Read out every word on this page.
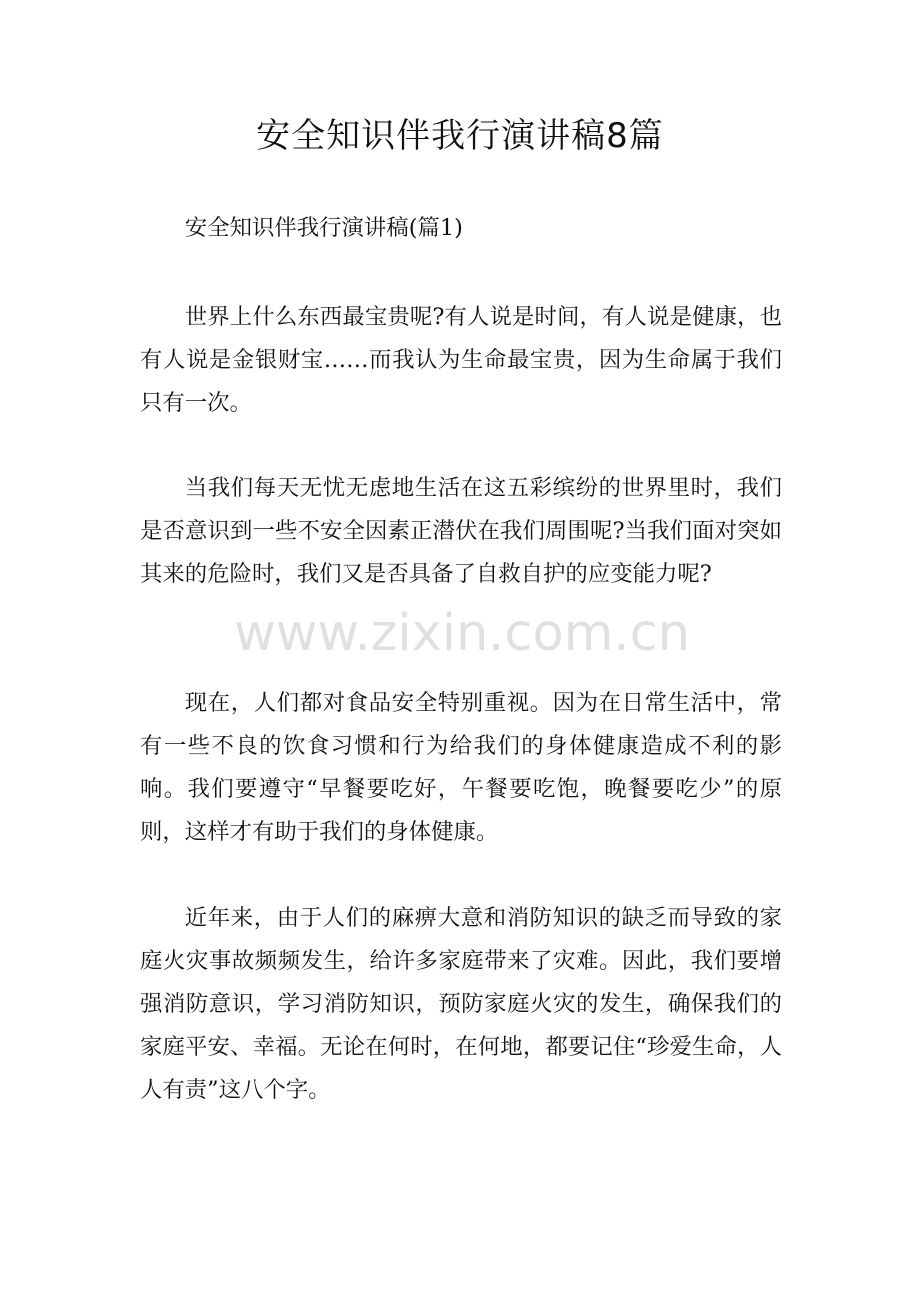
安全知识伴我行演讲稿8篇

安全知识伴我行演讲稿(篇1)

世界上什么东西最宝贵呢?有人说是时间，有人说是健康，也有人说是金银财宝……而我认为生命最宝贵，因为生命属于我们只有一次。

当我们每天无忧无虑地生活在这五彩缤纷的世界里时，我们是否意识到一些不安全因素正潜伏在我们周围呢?当我们面对突如其来的危险时，我们又是否具备了自救自护的应变能力呢?

现在，人们都对食品安全特别重视。因为在日常生活中，常有一些不良的饮食习惯和行为给我们的身体健康造成不利的影响。我们要遵守“早餐要吃好，午餐要吃饱，晚餐要吃少”的原则，这样才有助于我们的身体健康。

近年来，由于人们的麻痹大意和消防知识的缺乏而导致的家庭火灾事故频频发生，给许多家庭带来了灾难。因此，我们要增强消防意识，学习消防知识，预防家庭火灾的发生，确保我们的家庭平安、幸福。无论在何时，在何地，都要记住“珍爱生命，人人有责”这八个字。

www.zixin.com.cn
